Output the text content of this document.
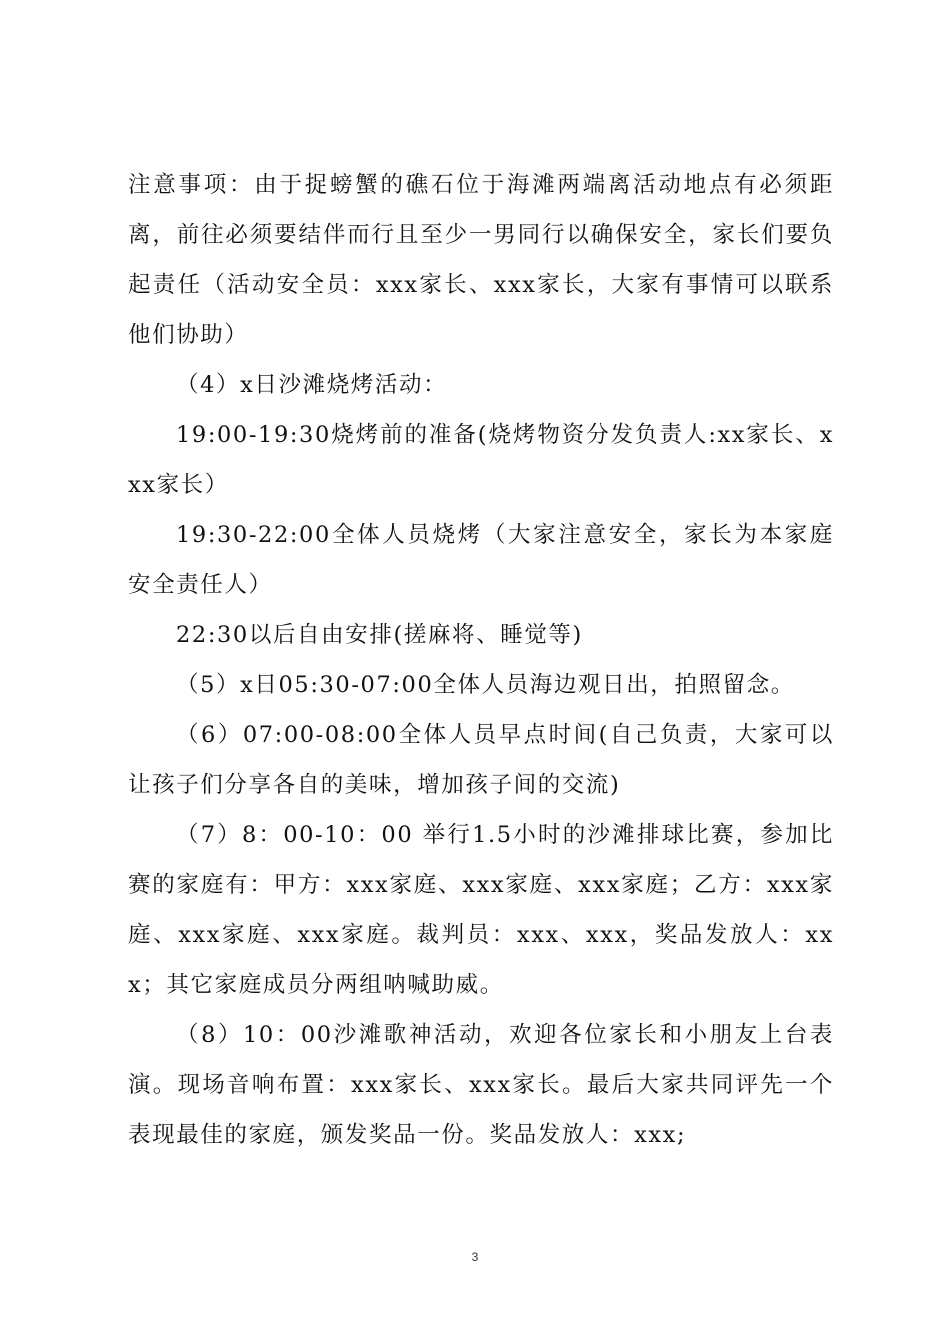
注意事项：由于捉螃蟹的礁石位于海滩两端离活动地点有必须距离，前往必须要结伴而行且至少一男同行以确保安全，家长们要负起责任（活动安全员：xxx家长、xxx家长，大家有事情可以联系他们协助）

（4）x日沙滩烧烤活动：

19:00-19:30烧烤前的准备(烧烤物资分发负责人:xx家长、xxx家长）

19:30-22:00全体人员烧烤（大家注意安全，家长为本家庭安全责任人）

22:30以后自由安排(搓麻将、睡觉等)

（5）x日05:30-07:00全体人员海边观日出，拍照留念。

（6）07:00-08:00全体人员早点时间(自己负责，大家可以让孩子们分享各自的美味，增加孩子间的交流)

（7）8：00-10：00 举行1.5小时的沙滩排球比赛，参加比赛的家庭有：甲方：xxx家庭、xxx家庭、xxx家庭；乙方：xxx家庭、xxx家庭、xxx家庭。裁判员：xxx、xxx，奖品发放人：xxx；其它家庭成员分两组呐喊助威。

（8）10：00沙滩歌神活动，欢迎各位家长和小朋友上台表演。现场音响布置：xxx家长、xxx家长。最后大家共同评先一个表现最佳的家庭，颁发奖品一份。奖品发放人：xxx;

3
